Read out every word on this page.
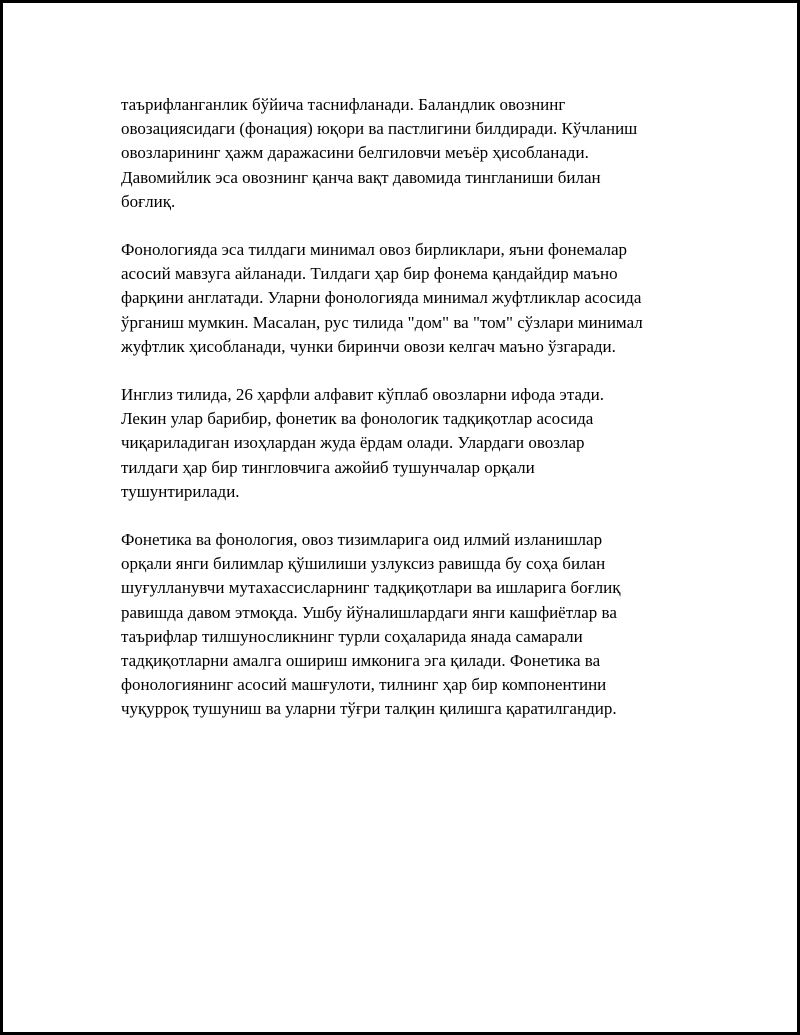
таърифланганлик бўйича таснифланади. Баландлик овознинг
овозациясидаги (фонация) юқори ва пастлигини билдиради. Кўчланиш
овозларининг ҳажм даражасини белгиловчи меъёр ҳисобланади.
Давомийлик эса овознинг қанча вақт давомида тингланиши билан
боғлиқ.

Фонологияда эса тилдаги минимал овоз бирликлари, яъни фонемалар
асосий мавзуга айланади. Тилдаги ҳар бир фонема қандайдир маъно
фарқини англатади. Уларни фонологияда минимал жуфтликлар асосида
ўрганиш мумкин. Масалан, рус тилида "дом" ва "том" сўзлари минимал
жуфтлик ҳисобланади, чунки биринчи овози келгач маъно ўзгаради.

Инглиз тилида, 26 ҳарфли алфавит кўплаб овозларни ифода этади.
Лекин улар барибир, фонетик ва фонологик тадқиқотлар асосида
чиқариладиган изоҳлардан жуда ёрдам олади. Улардаги овозлар
тилдаги ҳар бир тингловчига ажойиб тушунчалар орқали
тушунтирилади.

Фонетика ва фонология, овоз тизимларига оид илмий изланишлар
орқали янги билимлар қўшилиши узлуксиз равишда бу соҳа билан
шуғулланувчи мутахассисларнинг тадқиқотлари ва ишларига боғлиқ
равишда давом этмоқда. Ушбу йўналишлардаги янги кашфиётлар ва
таърифлар тилшуносликнинг турли соҳаларида янада самарали
тадқиқотларни амалга ошириш имконига эга қилади. Фонетика ва
фонологиянинг асосий машғулоти, тилнинг ҳар бир компонентини
чуқурроқ тушуниш ва уларни тўғри талқин қилишга қаратилгандир.
